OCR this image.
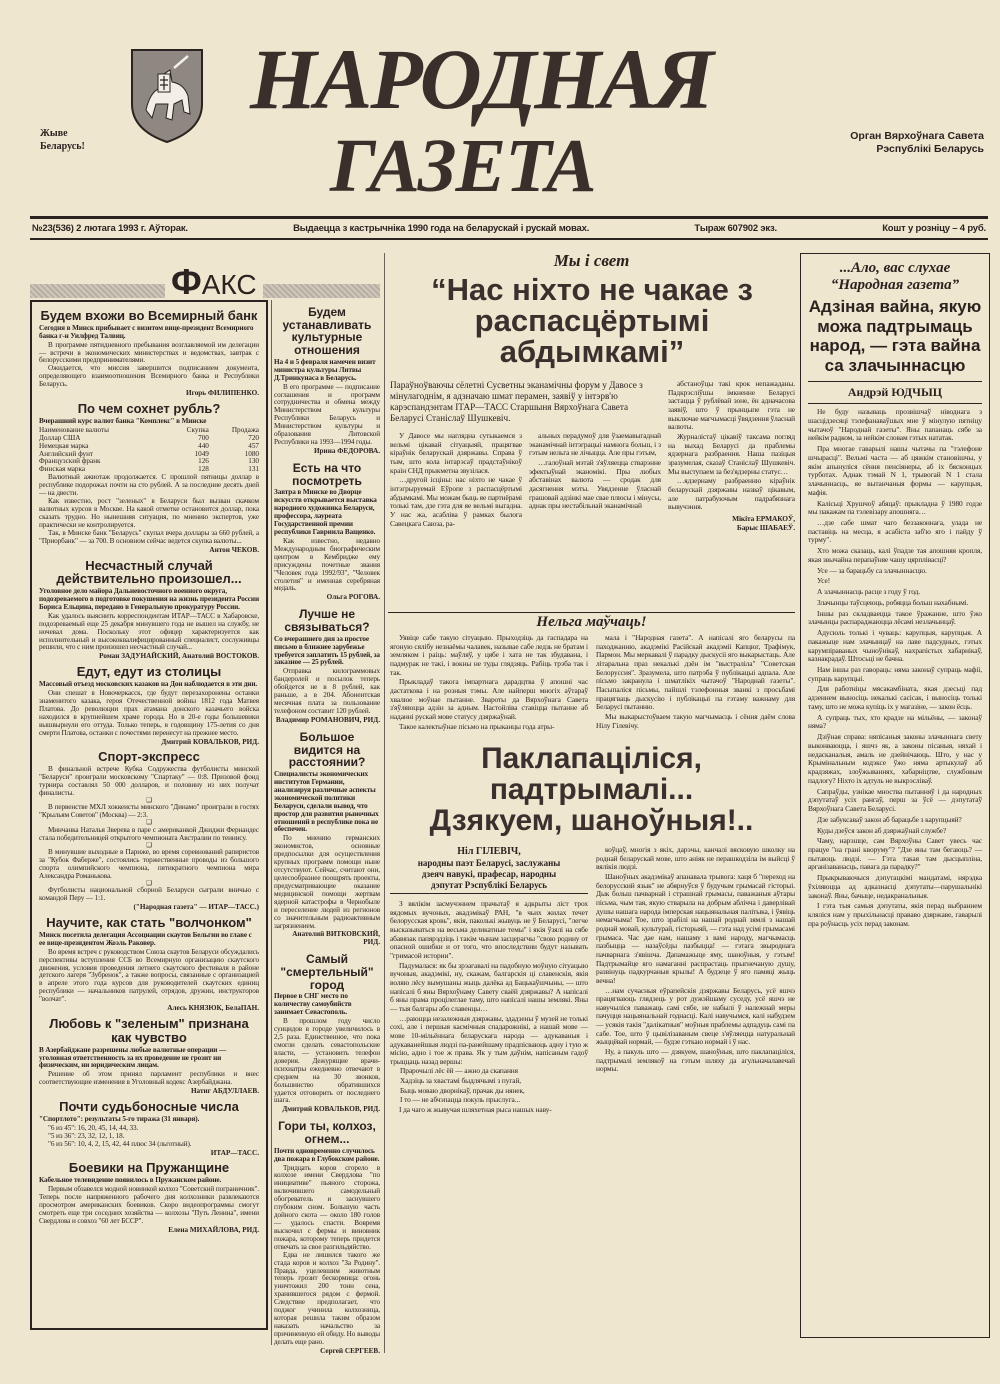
Жыве Беларусь!
НАРОДНАЯ
ГАЗЕТА	Орган Вярхоўнага Савета Рэспублікі Беларусь
№23(536) 2 лютага 1993 г. Аўторак.	Выдаецца з кастрычніка 1990 года на беларускай і рускай мовах.	Тыраж 607902 экз.	Кошт у розніцу – 4 руб.
ФАКС
Будем вхожи во Всемирный банк
Сегодня в Минск прибывает с визитом вице-президент Всемирного банка г-н Уилфред Талвиц.

В программе пятидневного пребывания возглавляемой им делегации — встречи в экономических министерствах и ведомствах, завтрак с белорусскими предпринимателями.

Ожидается, что миссия завершится подписанием документа, определяющего взаимоотношения Всемирного банка и Республики Беларусь.

Игорь ФИЛИПЕНКО.
По чем сохнет рубль?
Вчерашний курс валют банка "Комплекс" в Минске
Наименование валюты	Скупка	Продажа
Доллар США	700	720
Немецкая марка	440	457
Английский фунт	1049	1080
Французский франк	126	130
Финская марка	128	131

Валютный ажиотаж продолжается. С прошлой пятницы доллар в республике подорожал почти на сто рублей. А за последние десять дней — на двести.

Как известно, рост "зеленых" в Беларуси был вызван скачком валютных курсов в Москве. На какой отметке остановится доллар, пока сказать трудно. Но нынешняя ситуация, по мнению экспертов, уже практически не контролируется.

Так, в Минске банк "Беларусь" скупал вчера доллары за 660 рублей, а "Приорбанк" — за 700. В основном сейчас ведется скупка валюты...

Антон ЧЕКОВ.
Несчастный случай действительно произошел...
Уголовное дело майора Дальневосточного военного округа, подозреваемого в подготовке покушения на жизнь президента России Бориса Ельцина, передано в Генеральную прокуратуру России.

Как удалось выяснить корреспондентам ИТАР—ТАСС в Хабаровске, подозреваемый еще 25 декабря минувшего года не вышел на службу, не ночевал дома. Поскольку этот офицер характеризуется как исполнительный и высококвалифицированный специалист, сослуживцы решили, что с ним произошел несчастный случай...

Роман ЗАДУНАЙСКИЙ, Анатолий ВОСТОКОВ.
Едут, едут из столицы
Массовый отъезд московских казаков на Дон наблюдается в эти дни.

Они спешат в Новочеркасск, где будут перезахоронены останки знаменитого казака, героя Отечественной войны 1812 года Матвея Платова. До революции прах атамана донского казачьего войска находился в крупнейшем храме города. Но в 20-е годы большевики вышвырнули его оттуда. Только теперь, в годовщину 175-летия со дня смерти Платова, останки с почестями перенесут на прежнее место.

Дмитрий КОВАЛЬКОВ, РИД.
Спорт-экспресс

В финальной встрече Кубка Содружества футболисты минской "Беларуси" проиграли московскому "Спартаку" — 0:8. Призовой фонд турнира составлял 50 000 долларов, и половину из них получат финалисты.

❑

В первенстве МХЛ хоккеисты минского "Динамо" проиграли в гостях "Крыльям Советов" (Москва) — 2:3.

❑

Минчанка Наталья Зверева в паре с американкой Джиджи Фернандес стала победительницей открытого чемпионата Австралии по теннису.

❑

В минувшие выходные в Париже, во время соревнований рапиристов за "Кубок Фаберже", состоялись торжественные проводы из большого спорта олимпийского чемпиона, пятикратного чемпиона мира Александра Романькова.

❑

Футболисты национальной сборной Беларуси сыграли вничью с командой Перу — 1:1.

("Народная газета" — ИТАР—ТАСС.)
Научите, как стать "волчонком"
Минск посетила делегация Ассоциации скаутов Бельгии во главе с ее вице-президентом Жоэль Раковер.

Во время встреч с руководством Союза скаутов Беларуси обсуждались перспективы вступления ССБ во Всемирную организацию скаутского движения, условия проведения летнего скаутского фестиваля в районе детского лагеря "Зубренок", а также вопросы, связанные с организацией в апреле этого года курсов для руководителей скаутских единиц республики — начальников патрулей, отрядов, дружин, инструкторов "волчат".

Алесь КНЯЗЮК, БелаПАН.
Любовь к "зеленым" признана как чувство
В Азербайджане разрешены любые валютные операции — уголовная ответственность за их проведение не грозит ни физическим, ни юридическим лицам.

Решение об этом принял парламент республики и внес соответствующие изменения в Уголовный кодекс Азербайджана.

Натиг АБДУЛЛАЕВ.
Почти судьбоносные числа
"Спортлото": результаты 5-го тиража (31 января).

"6 из 45": 16, 20, 45, 14, 44, 33.

"5 из 36": 23, 32, 12, 1, 18.

"6 из 56": 10, 4, 2, 15, 42, 44 плюс 34 (льготный).

ИТАР—ТАСС.
Боевики на Пружанщине
Кабельное телевидение появилось в Пружанском районе.

Первым обзавелся модной новинкой колхоз "Советский пограничник". Теперь после напряженного рабочего дня колхозники развлекаются просмотром американских боевиков. Скоро видеопрограммы смогут смотреть еще три соседних хозяйства — колхозы "Путь Ленина", имени Свердлова и совхоз "60 лет БССР".

Елена МИХАЙЛОВА, РИД.
Будем устанавливать культурные отношения
На 4 и 5 февраля намечен визит министра культуры Литвы Д.Тринкунаса в Беларусь.

В его программе — подписание соглашения и программ сотрудничества и обмена между Министерством культуры Республики Беларусь и Министерством культуры и образования Литовской Республики на 1993—1994 годы.

Ирина ФЕДОРОВА.
Есть на что посмотреть
Завтра в Минске во Дворце искусств открывается выставка народного художника Беларуси, профессора, лауреата Государственной премии республики Гавриила Ващенко.

Как известно, недавно Международным биографическим центром в Кембридже ему присуждены почетные звания "Человек года 1992/93", "Человек столетия" и именная серебряная медаль.

Ольга РОГОВА.
Лучше не связываться?
Со вчерашнего дня за простое письмо в ближнее зарубежье требуется заплатить 15 рублей, за заказное — 25 рублей.

Отправка килограммовых бандеролей и посылок теперь обойдется не в 8 рублей, как раньше, а в 204. Абонентская месячная плата за пользование телефоном составит 120 рублей.

Владимир РОМАНОВИЧ, РИД.
Большое видится на расстоянии?
Специалисты экономических институтов Германии, анализируя различные аспекты экономической политики Беларуси, сделали вывод, что простор для развития рыночных отношений в республике пока не обеспечен.

По мнению германских экономистов, основные предпосылки для осуществления крупных программ помощи ныне отсутствуют. Сейчас, считают они, целесообразнее поощрять проекты, предусматривающие оказание медицинской помощи жертвам ядерной катастрофы в Чернобыле и переселение людей из регионов со значительным радиоактивным загрязнением.

Анатолий ВИТКОВСКИЙ, РИД.
Самый "смертельный" город
Первое в СНГ место по количеству самоубийств занимает Севастополь.

В прошлом году число суицидов в городе увеличилось в 2,5 раза. Единственное, что пока смогли сделать севастопольские власти, — установить телефон доверия. Дежурящие врачи-психиатры ежедневно отвечают в среднем на 30 звонков, большинство обратившихся удается отговорить от последнего шага.

Дмитрий КОВАЛЬКОВ, РИД.
Гори ты, колхоз, огнем...
Почти одновременно случилось два пожара в Глубокском районе.

Тридцать коров сгорело в колхозе имени Свердлова "по инициативе" пьяного сторожа, включившего самодельный обогреватель и заснувшего глубоким сном. Большую часть дойного скота — около 180 голов — удалось спасти. Вовремя выскочил с фермы и виновник пожара, которому теперь придется отвечать за свое разгильдяйство.

Едва не лишился такого же стада коров и колхоз "За Родину". Правда, уцелевшим животным теперь грозит бескормица: огонь уничтожил 200 тонн сена, хранившегося рядом с фермой. Следствие предполагает, что поджог учинила колхозница, которая решила таким образом наказать начальство за причиненную ей обиду. Но выводы делать еще рано.

Сергей СЕРГЕЕВ.
Мы і свет
“Нас ніхто не чакае з распасцёртымі абдымкамі”
Параўноўваючы сёлетні Сусветны эканамічны форум у Давосе з мінулагоднім, я адзначаю шмат перамен, заявіў у інтэрв'ю карэспандэнтам ІТАР—ТАСС Старшыня Вярхоўнага Савета Беларусі Станіслаў Шушкевіч.

У Давосе мы наглядна сутыкаемся з вельмі цікавай сітуацыяй, працягвае кіраўнік беларускай дзяржавы. Справа ў тым, што кола інтарэсаў прадстаўнікоў краін СНД прыкметна звузілася.

…другой ісціны: нас ніхто не чакае ў інтэгрыруемай Еўропе з распасцёртымі абдымкамі. Мы можам быць яе партнёрамі толькі там, дзе гэта для яе вельмі выгадна. У нас жа, асабліва ў рамках былога Савецкага Саюза, ра-

альных перадумоў для ўзаемавыгаднай эканамічнай інтэграцыі намнога больш, і з гэтым нельга не лічыцца. Але пры гэтым,

…галоўнай мэтай з'яўляецца стварэнне эфектыўнай эканомікі. Пры любых абставінах валюта — сродак для дасягнення мэты. Увядзенне ўласнай грашовай адзінкі мае свае плюсы і мінусы, аднак пры нестабільнай эканамічнай

абстаноўцы такі крок непажаданы. Падкрэсліўшы імкненне Беларусі застацца ў рублёвай зоне, ён адначасова заявіў, што ў прынцыпе гэта не выключае магчымасці ўвядзення ўласнай валюты.

Журналістаў цікавіў таксама погляд на выхад Беларусі да праблемы ядзернага разбраення. Наша пазіцыя зразумелая, сказаў Станіслаў Шушкевіч. Мы выступаем за без'ядзерны статус…

…ядзернаму разбраенню кіраўнік беларускай дзяржавы назваў цікавым, але патрабуючым падрабязнага вывучэння.

Мікіта ЕРМАКОЎ,
Барыс ШАБАЕЎ.
Нельга маўчаць!

Уявіце сабе такую сітуацыю. Прыходзіць да гаспадара на ягоную сялібу незнаёмы чалавек, называе сабе ледзь не братам і земляком і раіць: маўляў, у цябе і хата не так збудавана, і падмурак не такі, і вокны не туды глядзяць. Рабіць трэба так і так.

Прыкладаў такога імпартнага дарадцтва ў апошні час дастаткова і на розныя тэмы. Але найперш многіх аўтараў хвалюе моўнае пытанне. Звароты да Вярхоўнага Савета з'яўляюцца адзін за адным. Настойліва ставіцца пытанне аб наданні рускай мове статусу дзяржаўнай.

Такое калектыўнае пісьмо на прыканцы года атры-

мала і "Народная газета". А напісалі яго беларусы па паходжанню, акадэмікі Расійскай акадэміі Капцюг, Трафімук, Пармон. Мы меркавалі ў парадку дыскусіі яго выкарыстаць. Але літаральна праз некалькі дзён ім "выстраліла" "Советская Белоруссия". Зразумела, што патрэба ў публікацыі адпала. Але пісьмо закранула і шматлікіх чытачоў "Народнай газеты". Пасыпаліся пісьмы, пайшлі тэлефонныя званкі з просьбамі працягваць дыскусію і публікацыі па гэтаму важнаму для Беларусі пытанню.

Мы выкарыстоўваем такую магчымасць і сёння даём слова Нілу Гілевічу.

Паклапаціліся,
падтрымалі...
Дзякуем, шаноўныя!..
Ніл ГІЛЕВІЧ,
народны паэт Беларусі, заслужаны
дзеяч навукі, прафесар, народны
дэпутат Рэспублікі Беларусь

З вялікім засмучэннем прачытаў я адкрыты ліст трох вядомых вучоных, акадэмікаў РАН, "в чьих жилах течет белорусская кровь", якія, паколькі жывуць не ў Беларусі, "легче высказываться на весьма деликатные темы" і якія ўзялі на сябе абавязак папярэдзіць і такім чынам засцерагчы "свою родину от опасной ошибки и от того, что впоследствии будут называть "гримасой истории".

Падумалася: як бы зрэагавалі на падобную моўную сітуацыю вучоныя, акадэмікі, ну, скажам, балгарскія ці славенскія, якія воляю лёсу вымушаны жыць далёка ад Бацькаўшчыны, — што напісалі б яны Вярхоўнаму Савету сваёй дзяржавы? А напісалі б яны прама процілеглае таму, што напісалі нашы землякі. Яны — тыя балгары або славенцы…

…рающца незалежныя дзяржавы, здадзены ў музей не толькі сохі, але і першыя касмічныя спадарожнікі, а нашай мове — мове 10-мільённага беларускага народа — адукаваныя і адукаванейшыя людзі па-ранейшаму прадпісваюць адну і тую ж місію, адно і тое ж права. Як у тым даўнім, напісаным гадоў трыццаць назад вершы:

Прарочылі лёс ёй — ажно да скапання

Хадзіць за хвастамі быдлячымі з пугай,

Быць моваю дворнікаў, прачак ды нянек,

І то — не абчэпацца покуль прыслуга...

І да чаго ж жывучая шляхетная рыса нашых наву-

коўцаў, многія з якіх, дарэчы, канчалі вясковую школку на роднай беларускай мове, што аніяк не перашкодзіла ім выйсці ў вялікія людзі.

Шаноўных акадэмікаў апанавала трывога: хаця б "переход на белорусский язык" не абярнуўся ў будучым грымасай гісторыі. Дык больш пачварнай і страшнай грымасы, паважаныя аўтары пісьма, чым тая, якую стварыла на добрым аблічча і даверлівай душы нашага народа імперская нацыянальная палітыка, і ўявіць немагчыма! Тое, што зрабілі на нашай роднай зямлі з нашай роднай мовай, культурай, гісторыяй, — гэта над усімі грымасамі грымаса. Час дае нам, нашаму з вамі народу, магчымасць пазбыцца — назаўсёды пазбыцца! — гэтага звыроднага пачварнага з'явішча. Дапамажыце яму, шаноўныя, у гэтым! Падтрымайце яго намаганні распрастаць прыгнечаную душу, развінуць падкурчаныя крылы! А будзеце ў яго памяці жыць вечна!

…нам сучасныя еўрапейскія дзяржавы Беларусь, усё яшчэ працягваюць глядзець у рот дужэйшаму суседу, усё яшчэ не навучыліся паважаць самі сябе, не набылі ў належнай меры пачуцця нацыянальнай годнасці. Калі навучымся, калі набудзем — усякія такія "далікатныя" моўныя праблемы адпадуць самі па сабе. Тое, што ў цывілізаваным свеце з'яўляецца натуральнай жыццёвай нормай, — будзе гэткаю нормай і ў нас.

Ну, а пакуль што — дзякуем, шаноўныя, што паклапаціліся, падтрымалі землякоў на гэтым шляху да агульначалавечай нормы.

...Ало, вас слухае “Народная газета”
Адзіная вайна, якую можа падтрымаць народ, — гэта вайна са злачыннасцю
Андрэй ЮДЧЫЦ

Не буду называць прозвішчаў ніводнага з шасцідзесяці тэлефанаваўшых мне ў мінулую пятніцу чытачоў "Народнай газеты". Яны папанаць сябе за нейкім радком, за нейкім словам гэтых нататак.

Пра многае гаварылі нашы чытачы па "тэлефоне шчырасці". Вельмі часта — аб цяжкім становішчы, у якім апынуліся сёння пенсіянеры, аб іх бясконцых турботах. Аднак тэмай N 1, трывогай N 1 стала злачыннасць, яе вытанчаныя формы — карупцыя, мафія.

Калісьці Хрушчоў абяцаў: прыкладна ў 1980 годзе мы пакажам па тэлевізару апошняга…

…дзе сабе шмат чаго беззаконнага, улада не паставіць на месца, я асабіста заб'ю яго і пайду ў турму".

Хто можа сказаць, калі ўпадзе тая апошняя кропля, якая звычайна перапаўняе чашу цярплівасці?

Усе — за барацьбу са злачыннасцю.

Усе!

А злачыннасць расце з году ў год.

Злачынцы таўсцеюць, робяцца больш нахабнымі.

Іншы раз складваецца такое ўражанне, што ўжо злачынцы распараджаюцца лёсамі незлачынцаў.

Адусюль толькі і чуваць: карупцыя, карупцыя. А пакажыце нам злачынцаў на лаве падсудных, гэтых карумпіраваных чыноўнікаў, нахрапістых хабарнікаў, казнакрадаў. Штосьці не бачна.

Нам іншы раз гавораць: няма законаў супраць мафіі, супраць карупцыі.

Для работніцы мясакамбіната, якая дзесьці пад адзеннем выносіць некалькі сасісак, і выносіць толькі таму, што не можа купіць іх у магазіне, — закон ёсць.

А супраць тых, хто крадзе на мільёны, — законаў няма?

Дзіўная справа: няпісаныя законы злачыннага свету выконваюцца, і яшчэ як, а законы пісаныя, няхай і недасканалыя, амаль не дзейнічаюць. Што, у нас у Крымінальным кодэксе ўжо няма артыкулаў аб крадзяжах, злоўжываннях, хабарніцтве, службовым падлогу? Ніхто іх адтуль не выкрэсліваў.

Сапраўды, узнікае мноства пытанняў і да народных дэпутатаў усіх рангаў, перш за ўсё — дэпутатаў Вярхоўнага Савета Беларусі.

Дзе забуксаваў закон аб барацьбе з карупцыяй?

Куды дзеўся закон аб дзяржаўнай службе?

Чаму, нарэшце, сам Вярхоўны Савет увесь час працуе "на грані кворуму"? "Дзе яны там бегаюць? — пытаюць людзі. — Гэта такая там дысцыпліна, арганізаванасць, павага да парадку?"

Прыкрываючыся дэпутацкімі мандатамі, нярэдка ўхіляюцца ад адказнасці дэпутаты—парушальнікі законаў. Яны, бачыце, недакранальныя.

І гэта тыя самыя дэпутаты, якія перад выбраннем кляліся нам у прыхільнасці прававо дзяржаве, гаварылі пра роўнасць усіх перад законам.
